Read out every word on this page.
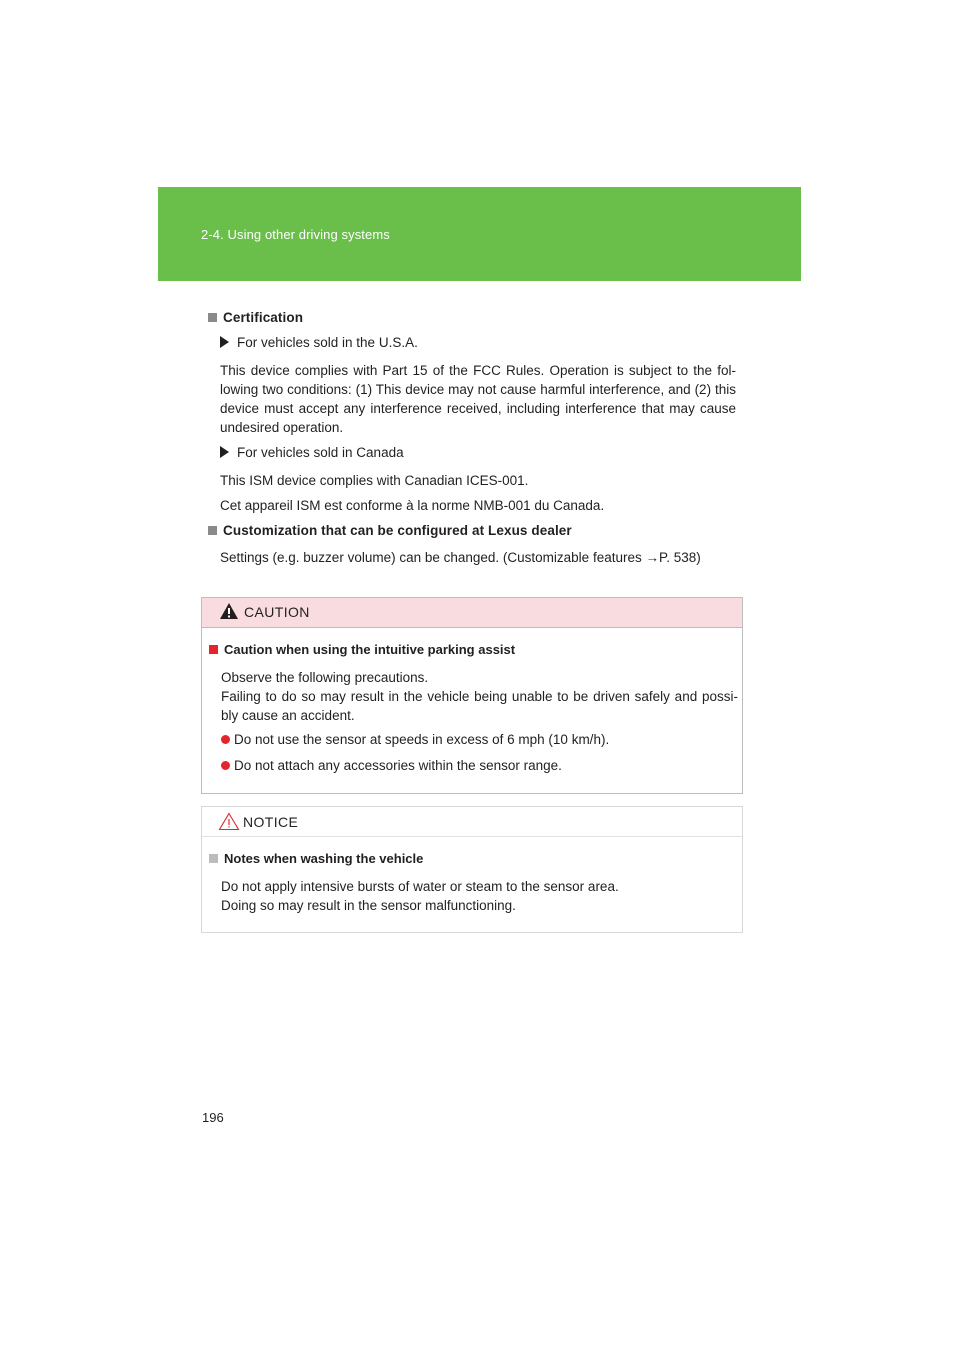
2-4. Using other driving systems
Certification
For vehicles sold in the U.S.A.
This device complies with Part 15 of the FCC Rules. Operation is subject to the fol-lowing two conditions: (1) This device may not cause harmful interference, and (2) this device must accept any interference received, including interference that may cause undesired operation.
For vehicles sold in Canada
This ISM device complies with Canadian ICES-001.
Cet appareil ISM est conforme à la norme NMB-001 du Canada.
Customization that can be configured at Lexus dealer
Settings (e.g. buzzer volume) can be changed. (Customizable features →P. 538)
CAUTION
Caution when using the intuitive parking assist
Observe the following precautions.
Failing to do so may result in the vehicle being unable to be driven safely and possi-bly cause an accident.
Do not use the sensor at speeds in excess of 6 mph (10 km/h).
Do not attach any accessories within the sensor range.
NOTICE
Notes when washing the vehicle
Do not apply intensive bursts of water or steam to the sensor area.
Doing so may result in the sensor malfunctioning.
196
